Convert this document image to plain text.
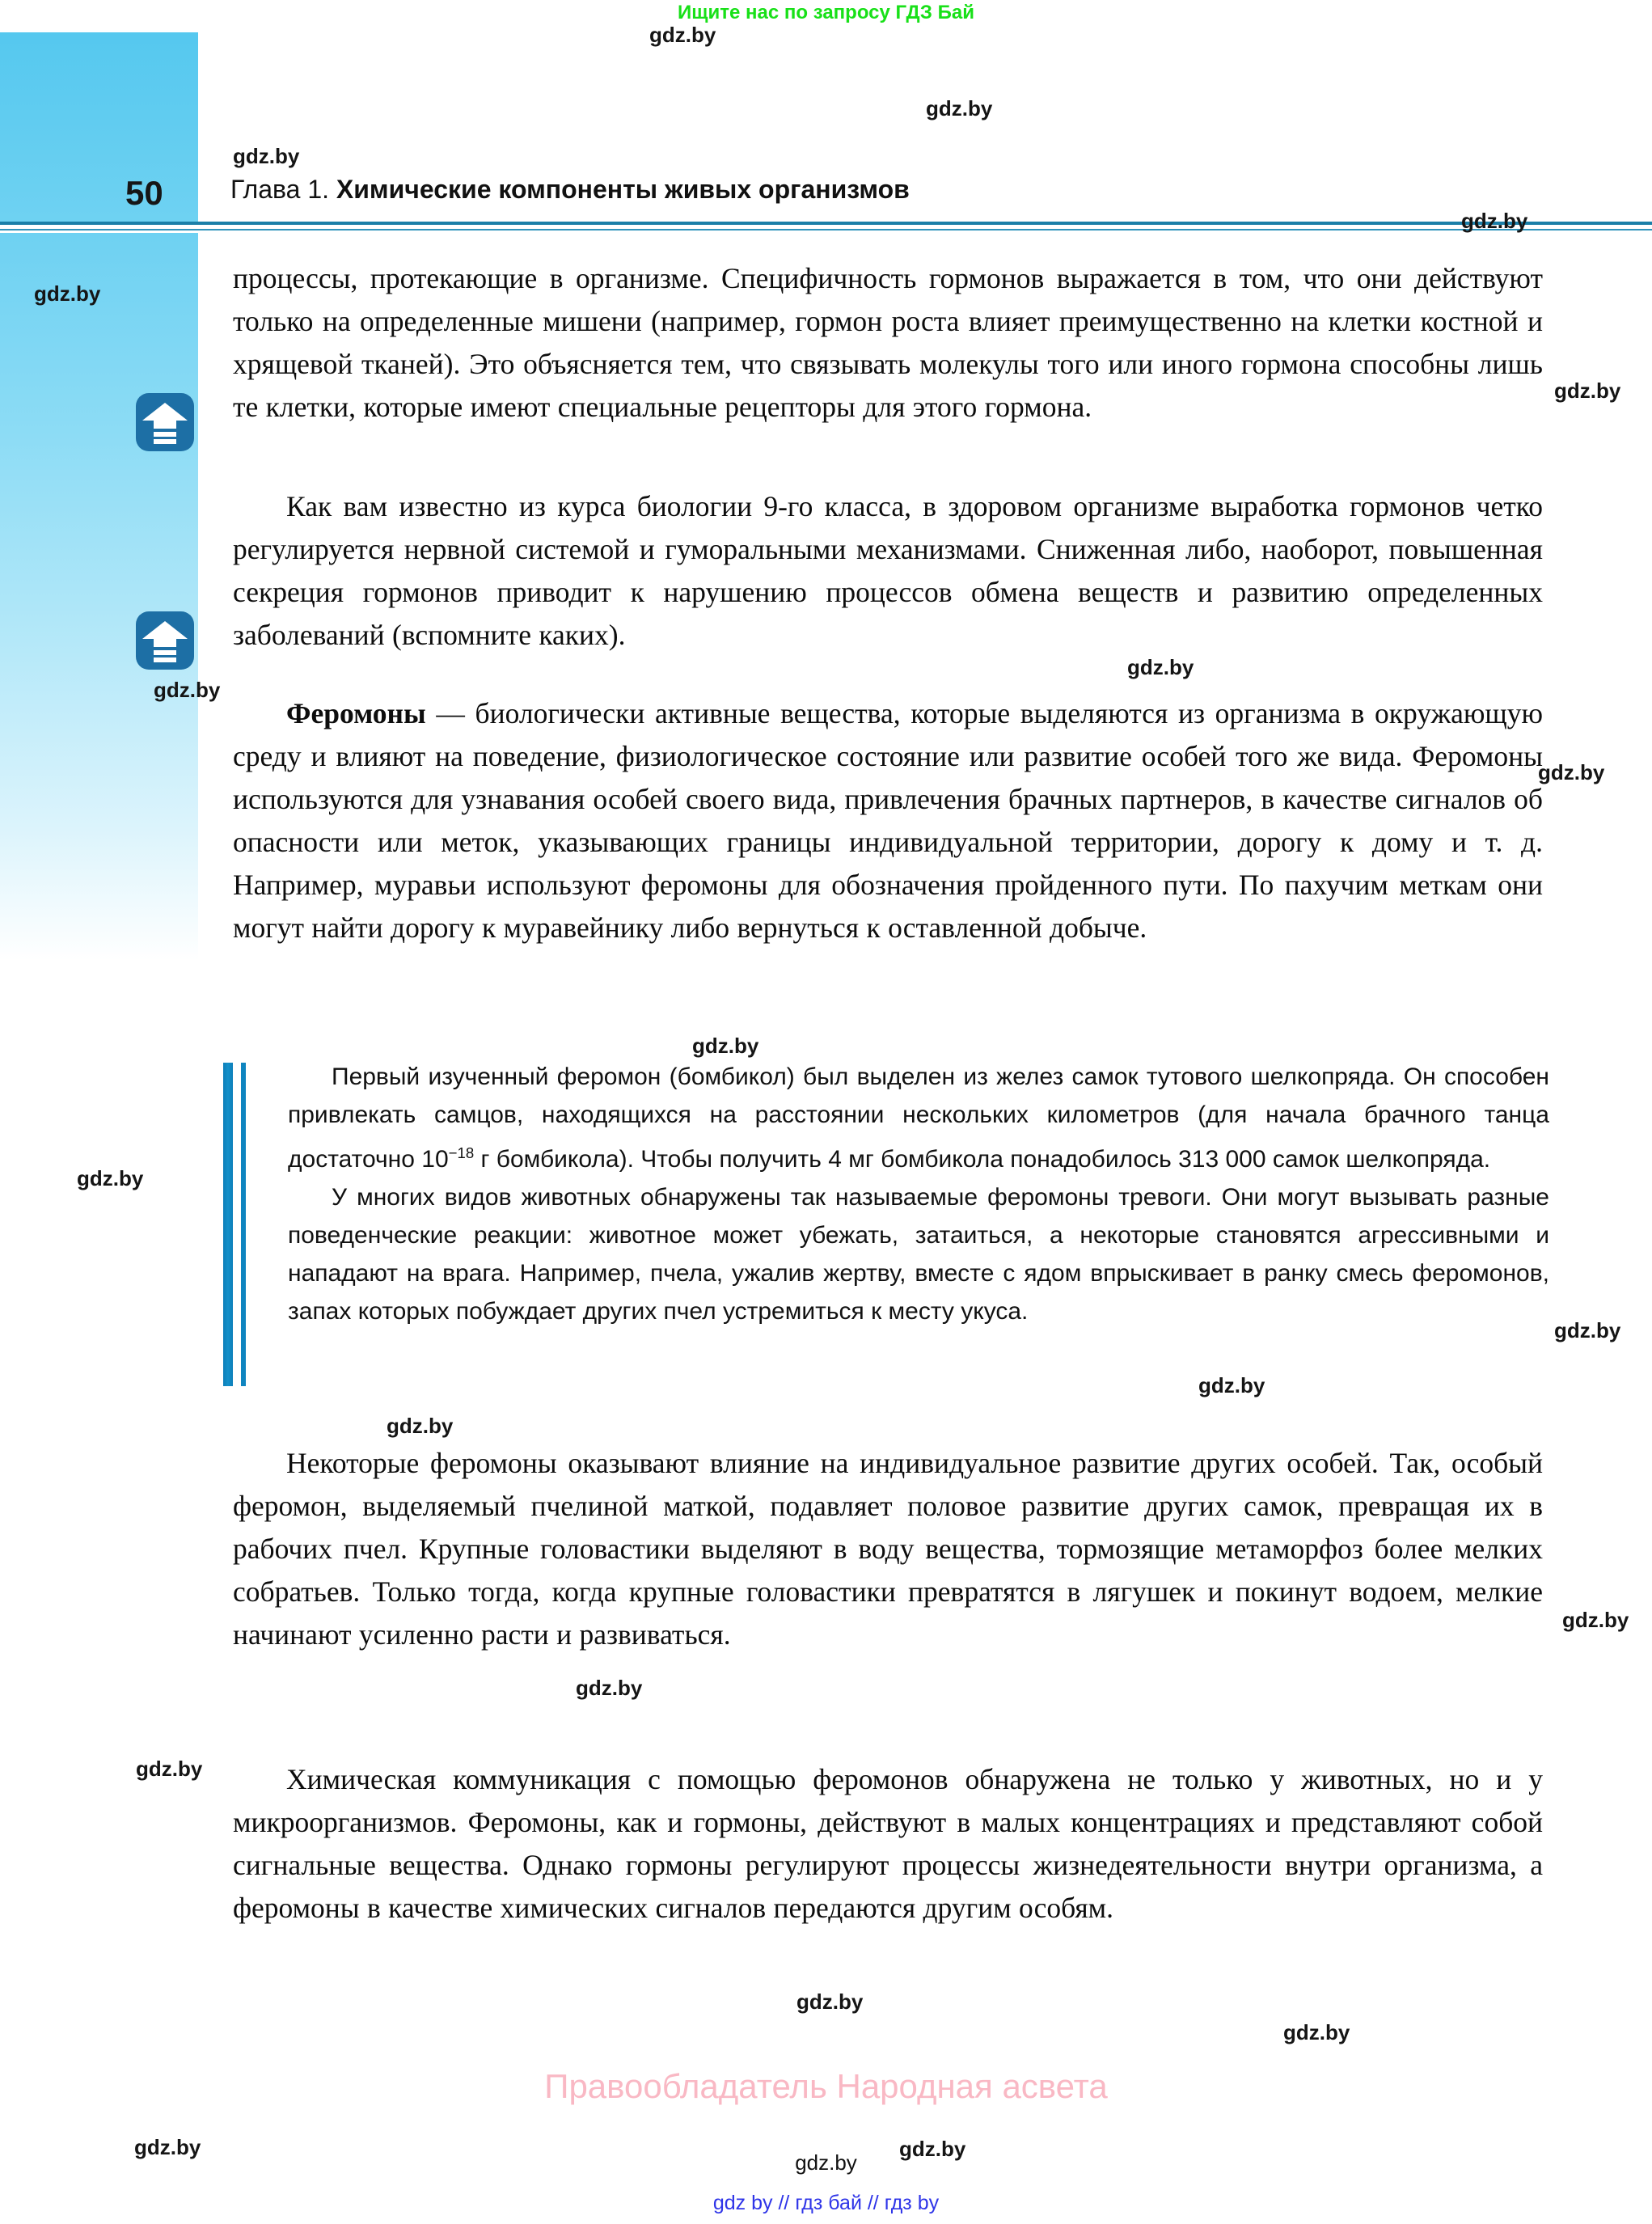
Ищите нас по запросу ГДЗ Бай
50	Глава 1. Химические компоненты живых организмов

процессы, протекающие в организме. Специфичность гормонов выражается в том, что они действуют только на определенные мишени (например, гормон роста влияет преимущественно на клетки костной и хрящевой тканей). Это объясняется тем, что связывать молекулы того или иного гормона способны лишь те клетки, которые имеют специальные рецепторы для этого гормона.

Как вам известно из курса биологии 9-го класса, в здоровом организме выработка гормонов четко регулируется нервной системой и гуморальными механизмами. Сниженная либо, наоборот, повышенная секреция гормонов приводит к нарушению процессов обмена веществ и развитию определенных заболеваний (вспомните каких).

Феромоны — биологически активные вещества, которые выделяются из организма в окружающую среду и влияют на поведение, физиологическое состояние или развитие особей того же вида. Феромоны используются для узнавания особей своего вида, привлечения брачных партнеров, в качестве сигналов об опасности или меток, указывающих границы индивидуальной территории, дорогу к дому и т. д. Например, муравьи используют феромоны для обозначения пройденного пути. По пахучим меткам они могут найти дорогу к муравейнику либо вернуться к оставленной добыче.

Первый изученный феромон (бомбикол) был выделен из желез самок тутового шелкопряда. Он способен привлекать самцов, находящихся на расстоянии нескольких километров (для начала брачного танца достаточно $10^{-18}$ г бомбикола). Чтобы получить 4 мг бомбикола понадобилось 313 000 самок шелкопряда.

У многих видов животных обнаружены так называемые феромоны тревоги. Они могут вызывать разные поведенческие реакции: животное может убежать, затаиться, а некоторые становятся агрессивными и нападают на врага. Например, пчела, ужалив жертву, вместе с ядом впрыскивает в ранку смесь феромонов, запах которых побуждает других пчел устремиться к месту укуса.

Некоторые феромоны оказывают влияние на индивидуальное развитие других особей. Так, особый феромон, выделяемый пчелиной маткой, подавляет половое развитие других самок, превращая их в рабочих пчел. Крупные головастики выделяют в воду вещества, тормозящие метаморфоз более мелких собратьев. Только тогда, когда крупные головастики превратятся в лягушек и покинут водоем, мелкие начинают усиленно расти и развиваться.

Химическая коммуникация с помощью феромонов обнаружена не только у животных, но и у микроорганизмов. Феромоны, как и гормоны, действуют в малых концентрациях и представляют собой сигнальные вещества. Однако гормоны регулируют процессы жизнедеятельности внутри организма, а феромоны в качестве химических сигналов передаются другим особям.

Правообладатель Народная асвета
gdz.by
gdz by // гдз бай // гдз by
gdz.by
gdz.by
gdz.by
gdz.by
gdz.by
gdz.by
gdz.by
gdz.by
gdz.by
gdz.by
gdz.by
gdz.by
gdz.by
gdz.by
gdz.by
gdz.by
gdz.by
gdz.by
gdz.by
gdz.by	gdz.by
